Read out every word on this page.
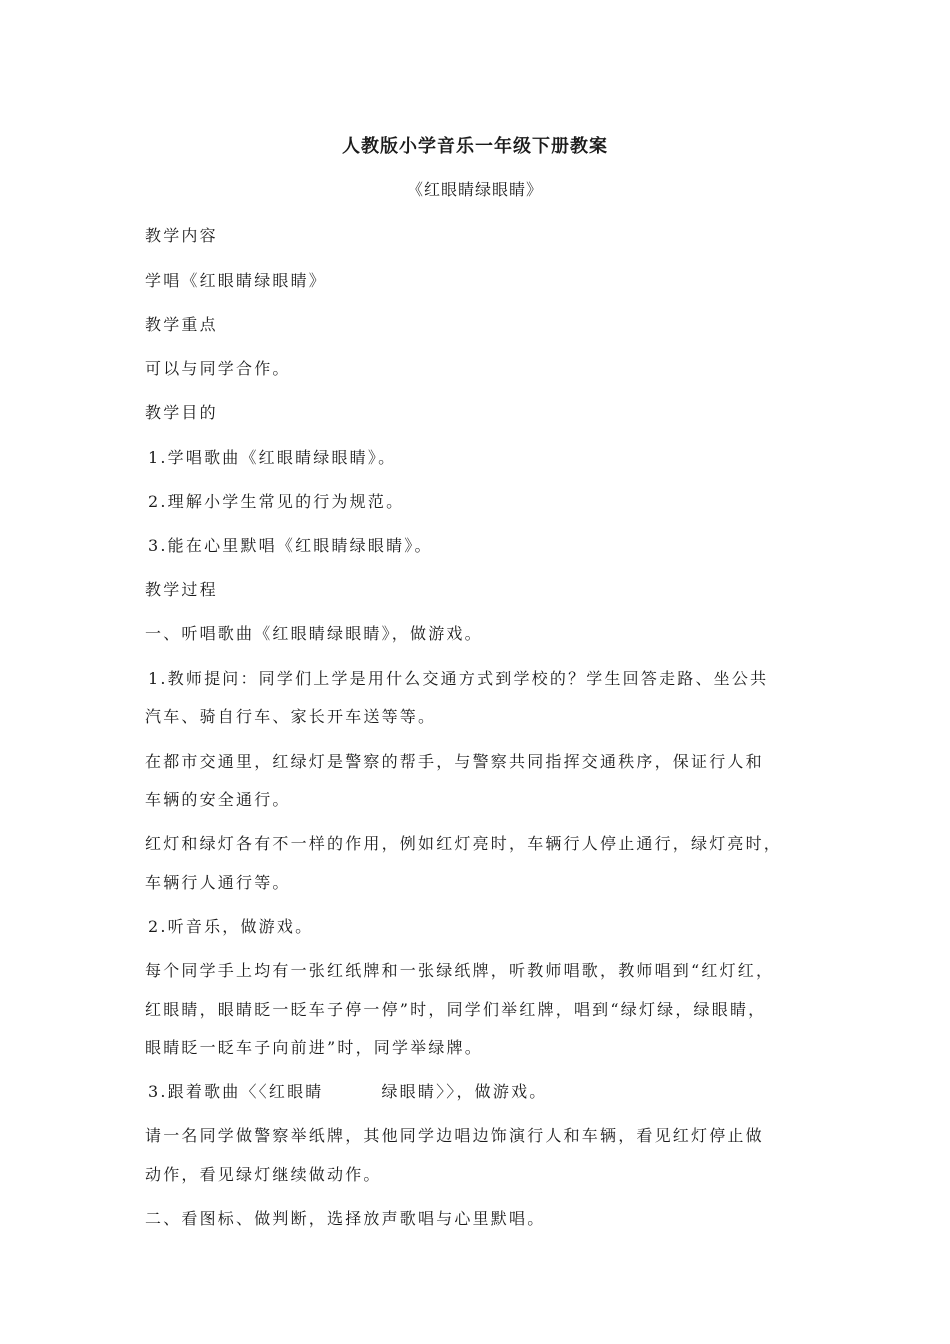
人教版小学音乐一年级下册教案
《红眼睛绿眼睛》
教学内容
学唱《红眼睛绿眼睛》
教学重点
可以与同学合作。
教学目的
1.学唱歌曲《红眼睛绿眼睛》。
2.理解小学生常见的行为规范。
3.能在心里默唱《红眼睛绿眼睛》。
教学过程
一、听唱歌曲《红眼睛绿眼睛》，做游戏。
1.教师提问：同学们上学是用什么交通方式到学校的？学生回答走路、坐公共
汽车、骑自行车、家长开车送等等。
在都市交通里，红绿灯是警察的帮手，与警察共同指挥交通秩序，保证行人和
车辆的安全通行。
红灯和绿灯各有不一样的作用，例如红灯亮时，车辆行人停止通行，绿灯亮时，
车辆行人通行等。
2.听音乐，做游戏。
每个同学手上均有一张红纸牌和一张绿纸牌，听教师唱歌，教师唱到“红灯红，
红眼睛，眼睛眨一眨车子停一停”时，同学们举红牌，唱到“绿灯绿，绿眼睛，
眼睛眨一眨车子向前进”时，同学举绿牌。
3.跟着歌曲〈〈红眼睛	绿眼睛〉〉，做游戏。
请一名同学做警察举纸牌，其他同学边唱边饰演行人和车辆，看见红灯停止做
动作，看见绿灯继续做动作。
二、看图标、做判断，选择放声歌唱与心里默唱。
